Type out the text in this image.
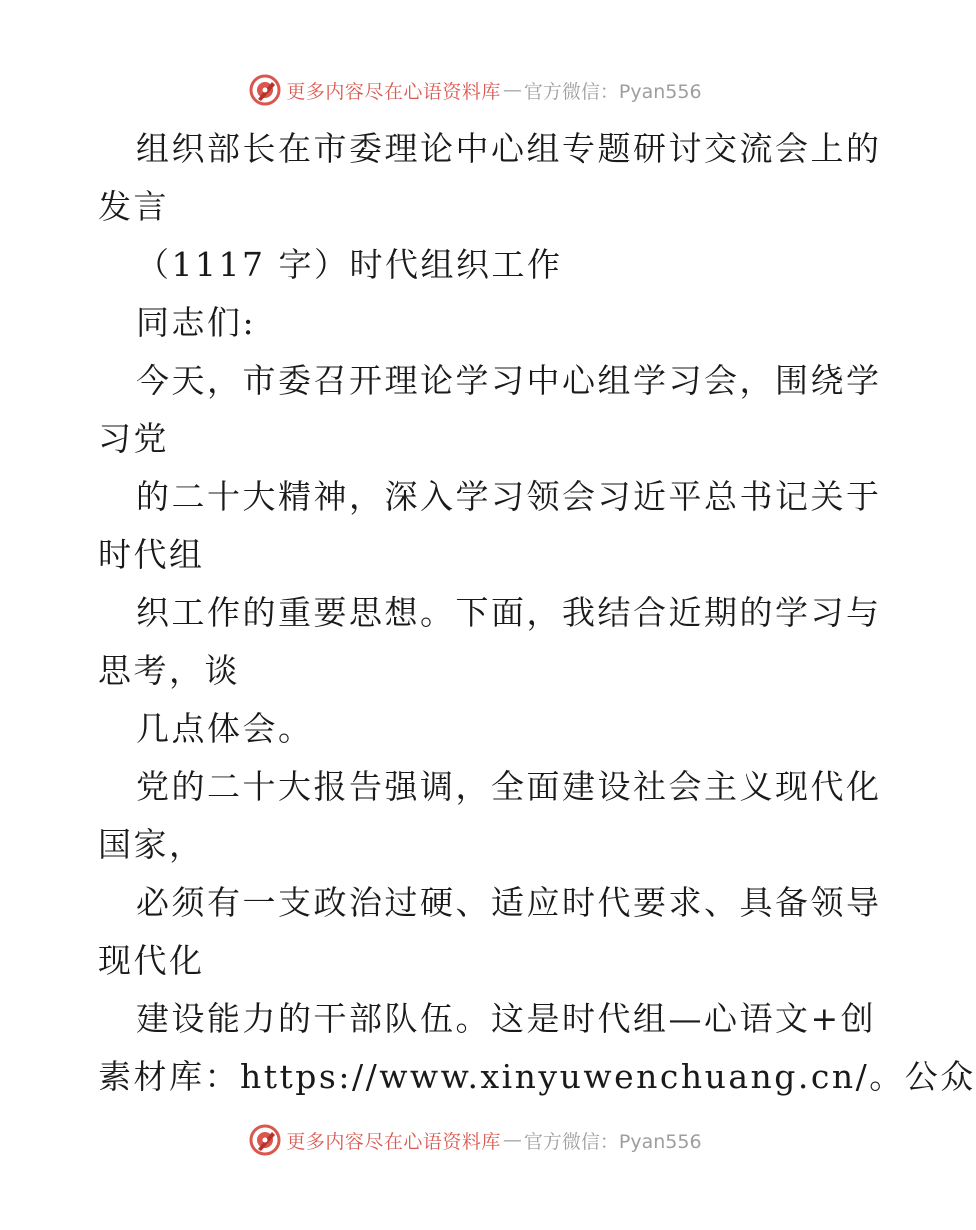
更多内容尽在心语资料库 — 官方微信：Pyan556
组织部长在市委理论中心组专题研讨交流会上的
发言
（1117 字）时代组织工作
同志们:
今天，市委召开理论学习中心组学习会，围绕学
习党
的二十大精神，深入学习领会习近平总书记关于
时代组
织工作的重要思想。下面，我结合近期的学习与
思考，谈
几点体会。
党的二十大报告强调，全面建设社会主义现代化
国家，
必须有一支政治过硬、适应时代要求、具备领导
现代化
建设能力的干部队伍。这是时代组—心语文+创
素材库：https://www.xinyuwenchuang.cn/。公众
更多内容尽在心语资料库 — 官方微信：Pyan556
